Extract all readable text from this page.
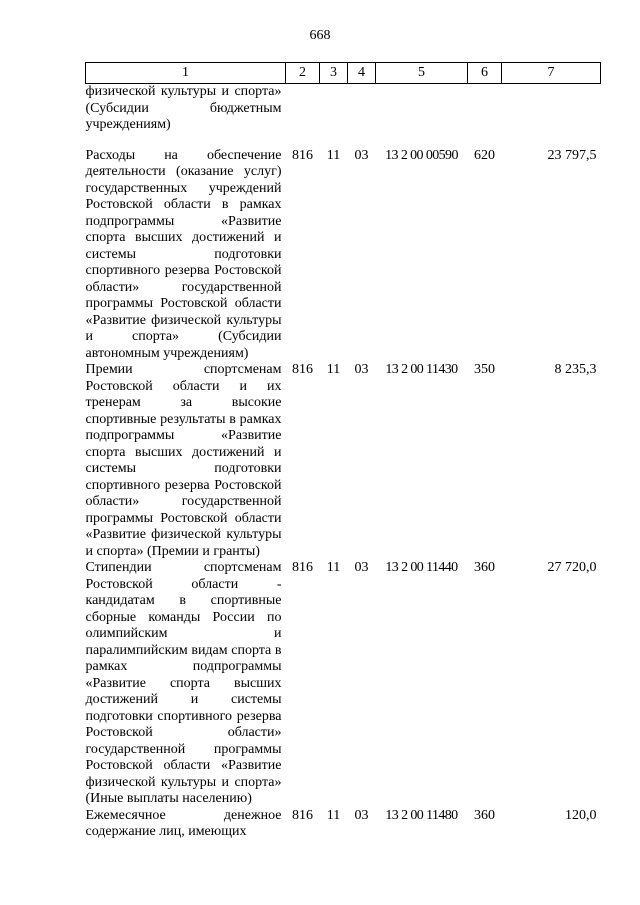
668
1	2	3	4	5	6	7
физической культуры и спорта» (Субсидии бюджетным учреждениям)						
Расходы на обеспечение деятельности (оказание услуг) государственных учреждений Ростовской области в рамках подпрограммы «Развитие спорта высших достижений и системы подготовки спортивного резерва Ростовской области» государственной программы Ростовской области «Развитие физической культуры и спорта» (Субсидии автономным учреждениям)	816	11	03	13 2 00 00590	620	23 797,5
Премии спортсменам Ростовской области и их тренерам за высокие спортивные результаты в рамках подпрограммы «Развитие спорта высших достижений и системы подготовки спортивного резерва Ростовской области» государственной программы Ростовской области «Развитие физической культуры и спорта» (Премии и гранты)	816	11	03	13 2 00 11430	350	8 235,3
Стипендии спортсменам Ростовской области - кандидатам в спортивные сборные команды России по олимпийским и паралимпийским видам спорта в рамках подпрограммы «Развитие спорта высших достижений и системы подготовки спортивного резерва Ростовской области» государственной программы Ростовской области «Развитие физической культуры и спорта» (Иные выплаты населению)	816	11	03	13 2 00 11440	360	27 720,0
Ежемесячное денежное содержание лиц, имеющих	816	11	03	13 2 00 11480	360	120,0
